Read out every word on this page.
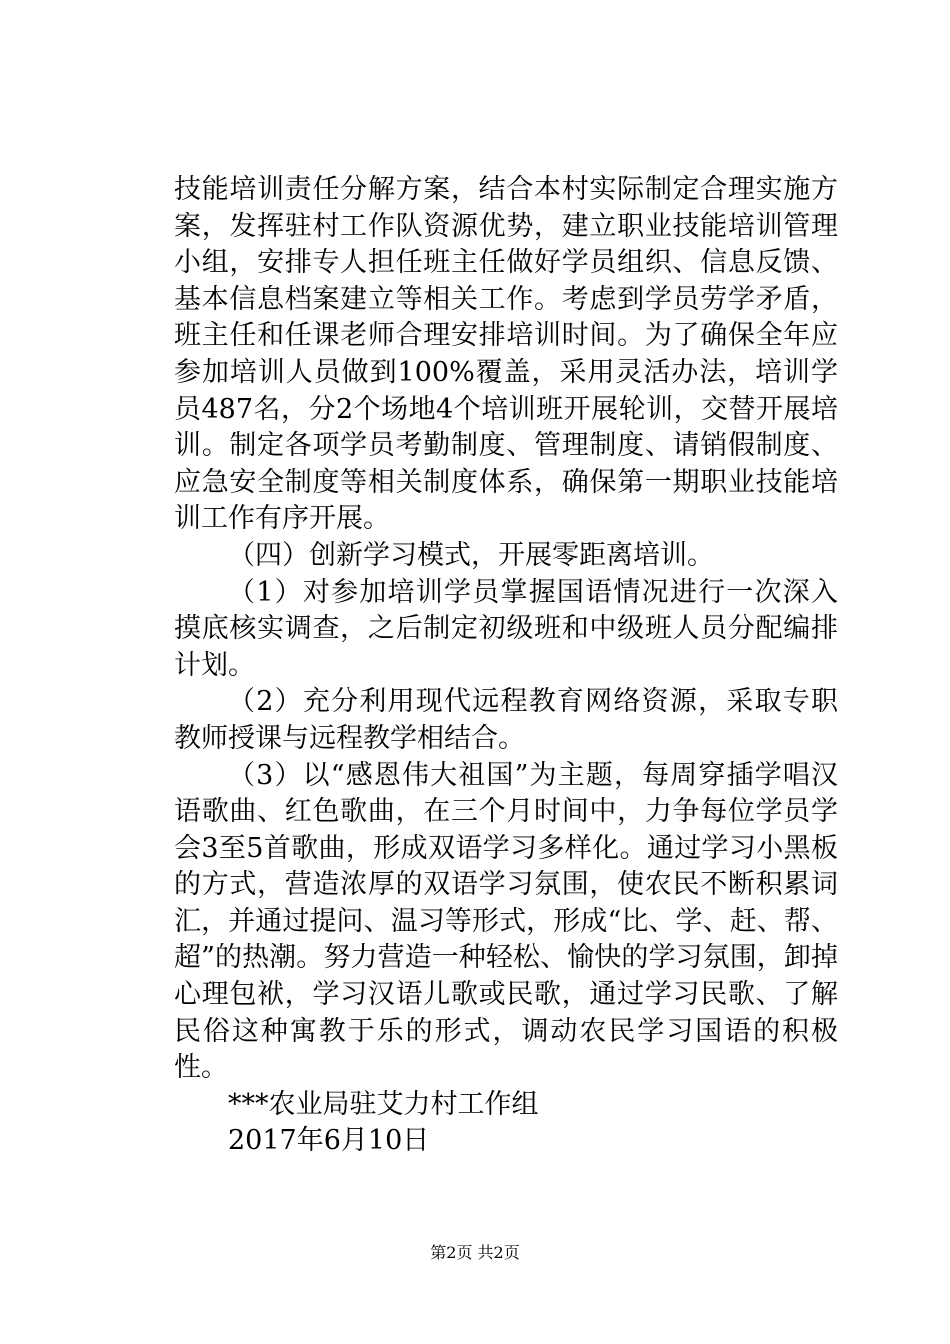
技能培训责任分解方案，结合本村实际制定合理实施方案，发挥驻村工作队资源优势，建立职业技能培训管理小组，安排专人担任班主任做好学员组织、信息反馈、基本信息档案建立等相关工作。考虑到学员劳学矛盾，班主任和任课老师合理安排培训时间。为了确保全年应参加培训人员做到100%覆盖，采用灵活办法，培训学员487名，分2个场地4个培训班开展轮训，交替开展培训。制定各项学员考勤制度、管理制度、请销假制度、应急安全制度等相关制度体系，确保第一期职业技能培训工作有序开展。

（四）创新学习模式，开展零距离培训。

（1）对参加培训学员掌握国语情况进行一次深入摸底核实调查，之后制定初级班和中级班人员分配编排计划。

（2）充分利用现代远程教育网络资源，采取专职教师授课与远程教学相结合。

（3）以“感恩伟大祖国”为主题，每周穿插学唱汉语歌曲、红色歌曲，在三个月时间中，力争每位学员学会3至5首歌曲，形成双语学习多样化。通过学习小黑板的方式，营造浓厚的双语学习氛围，使农民不断积累词汇，并通过提问、温习等形式，形成“比、学、赶、帮、超”的热潮。努力营造一种轻松、愉快的学习氛围，卸掉心理包袱，学习汉语儿歌或民歌，通过学习民歌、了解民俗这种寓教于乐的形式，调动农民学习国语的积极性。

***农业局驻艾力村工作组

2017年6月10日

第2页 共2页
